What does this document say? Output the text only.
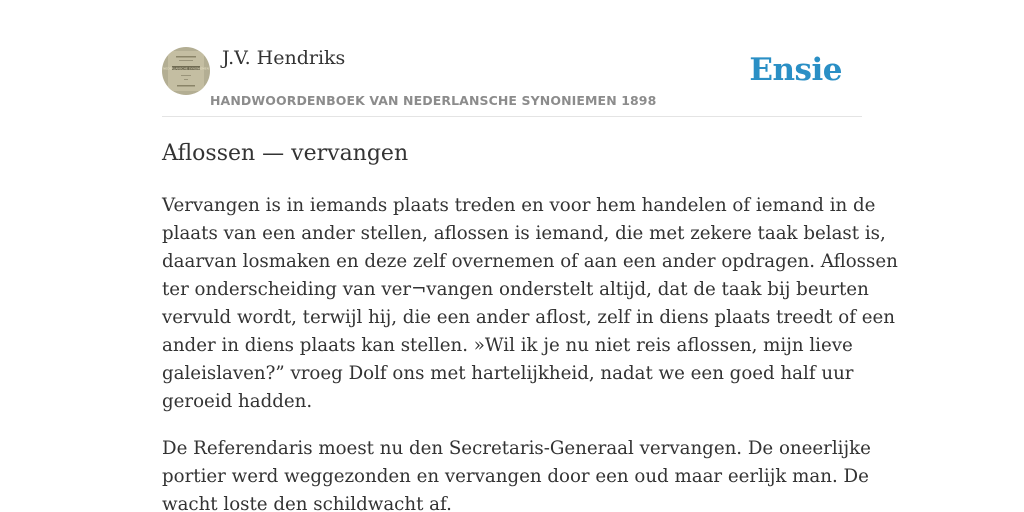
NEDERLANSCHE SYNONIEMEN J.V. Hendriks
HANDWOORDENBOEK VAN NEDERLANSCHE SYNONIEMEN 1898
Ensie
Aflossen — vervangen

Vervangen is in iemands plaats treden en voor hem handelen of iemand in de
plaats van een ander stellen, aflossen is iemand, die met zekere taak belast is,
daarvan losmaken en deze zelf overnemen of aan een ander opdragen. Aflossen
ter onderscheiding van ver¬vangen onderstelt altijd, dat de taak bij beurten
vervuld wordt, terwijl hij, die een ander aflost, zelf in diens plaats treedt of een
ander in diens plaats kan stellen. »Wil ik je nu niet reis aflossen, mijn lieve
galeislaven?” vroeg Dolf ons met hartelijkheid, nadat we een goed half uur
geroeid hadden.

De Referendaris moest nu den Secretaris-Generaal vervangen. De oneerlijke
portier werd weggezonden en vervangen door een oud maar eerlijk man. De
wacht loste den schildwacht af.
